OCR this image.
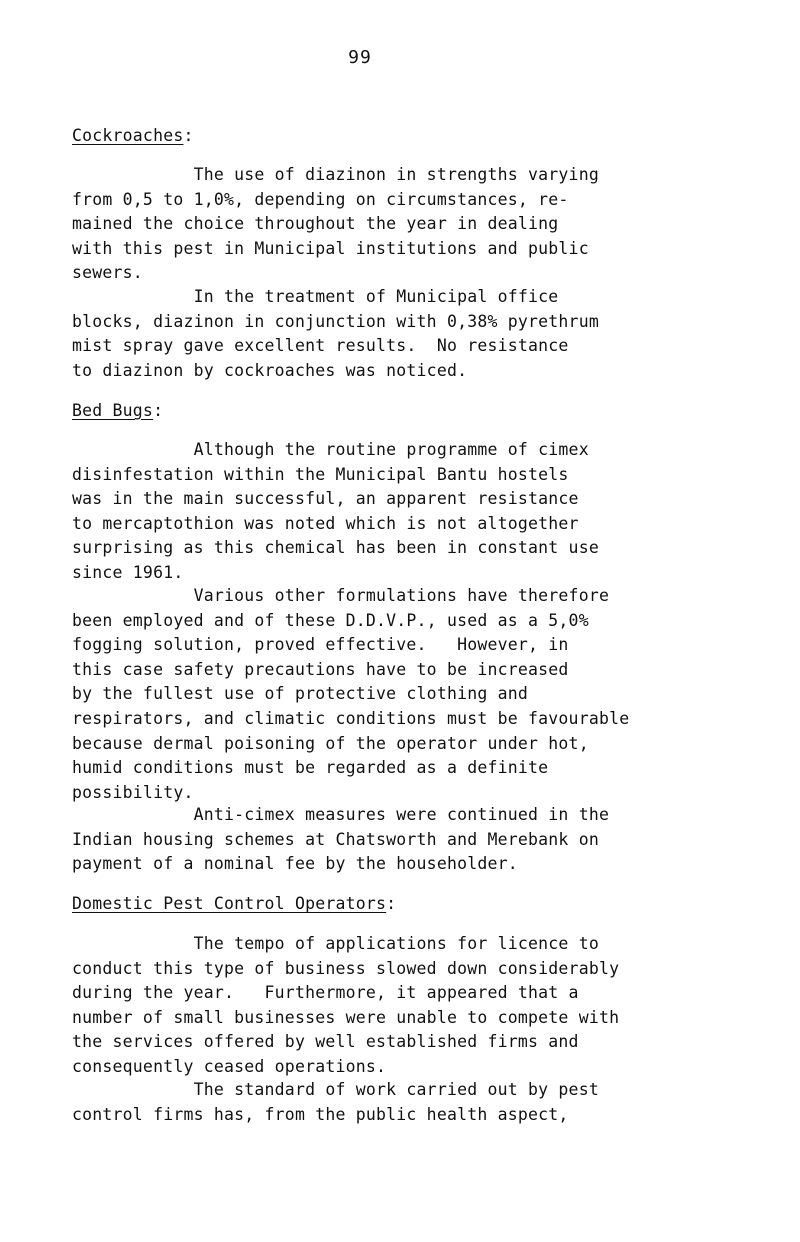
99
Cockroaches:
The use of diazinon in strengths varying
from 0,5 to 1,0%, depending on circumstances, re-
mained the choice throughout the year in dealing
with this pest in Municipal institutions and public
sewers.
In the treatment of Municipal office
blocks, diazinon in conjunction with 0,38% pyrethrum
mist spray gave excellent results.  No resistance
to diazinon by cockroaches was noticed.
Bed Bugs:
Although the routine programme of cimex
disinfestation within the Municipal Bantu hostels
was in the main successful, an apparent resistance
to mercaptothion was noted which is not altogether
surprising as this chemical has been in constant use
since 1961.
Various other formulations have therefore
been employed and of these D.D.V.P., used as a 5,0%
fogging solution, proved effective.   However, in
this case safety precautions have to be increased
by the fullest use of protective clothing and
respirators, and climatic conditions must be favourable
because dermal poisoning of the operator under hot,
humid conditions must be regarded as a definite
possibility.
Anti-cimex measures were continued in the
Indian housing schemes at Chatsworth and Merebank on
payment of a nominal fee by the householder.
Domestic Pest Control Operators:
The tempo of applications for licence to
conduct this type of business slowed down considerably
during the year.   Furthermore, it appeared that a
number of small businesses were unable to compete with
the services offered by well established firms and
consequently ceased operations.
The standard of work carried out by pest
control firms has, from the public health aspect,
